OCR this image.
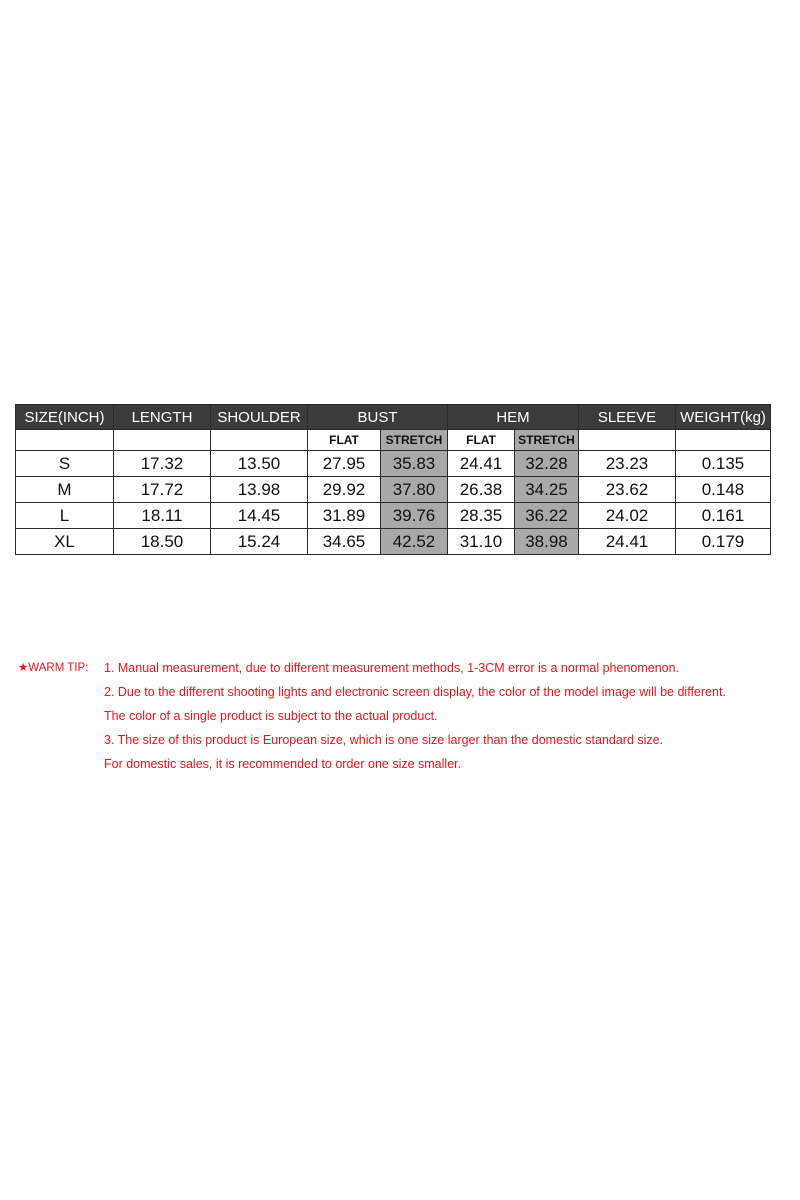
SIZE(INCH)	LENGTH	SHOULDER	BUST		HEM		SLEEVE	WEIGHT(kg)
			FLAT	STRETCH	FLAT	STRETCH		
S	17.32	13.50	27.95	35.83	24.41	32.28	23.23	0.135
M	17.72	13.98	29.92	37.80	26.38	34.25	23.62	0.148
L	18.11	14.45	31.89	39.76	28.35	36.22	24.02	0.161
XL	18.50	15.24	34.65	42.52	31.10	38.98	24.41	0.179
★WARM TIP:	1. Manual measurement, due to different measurement methods, 1-3CM error is a normal phenomenon.
2. Due to the different shooting lights and electronic screen display, the color of the model image will be different.
The color of a single product is subject to the actual product.
3. The size of this product is European size, which is one size larger than the domestic standard size.
For domestic sales, it is recommended to order one size smaller.
